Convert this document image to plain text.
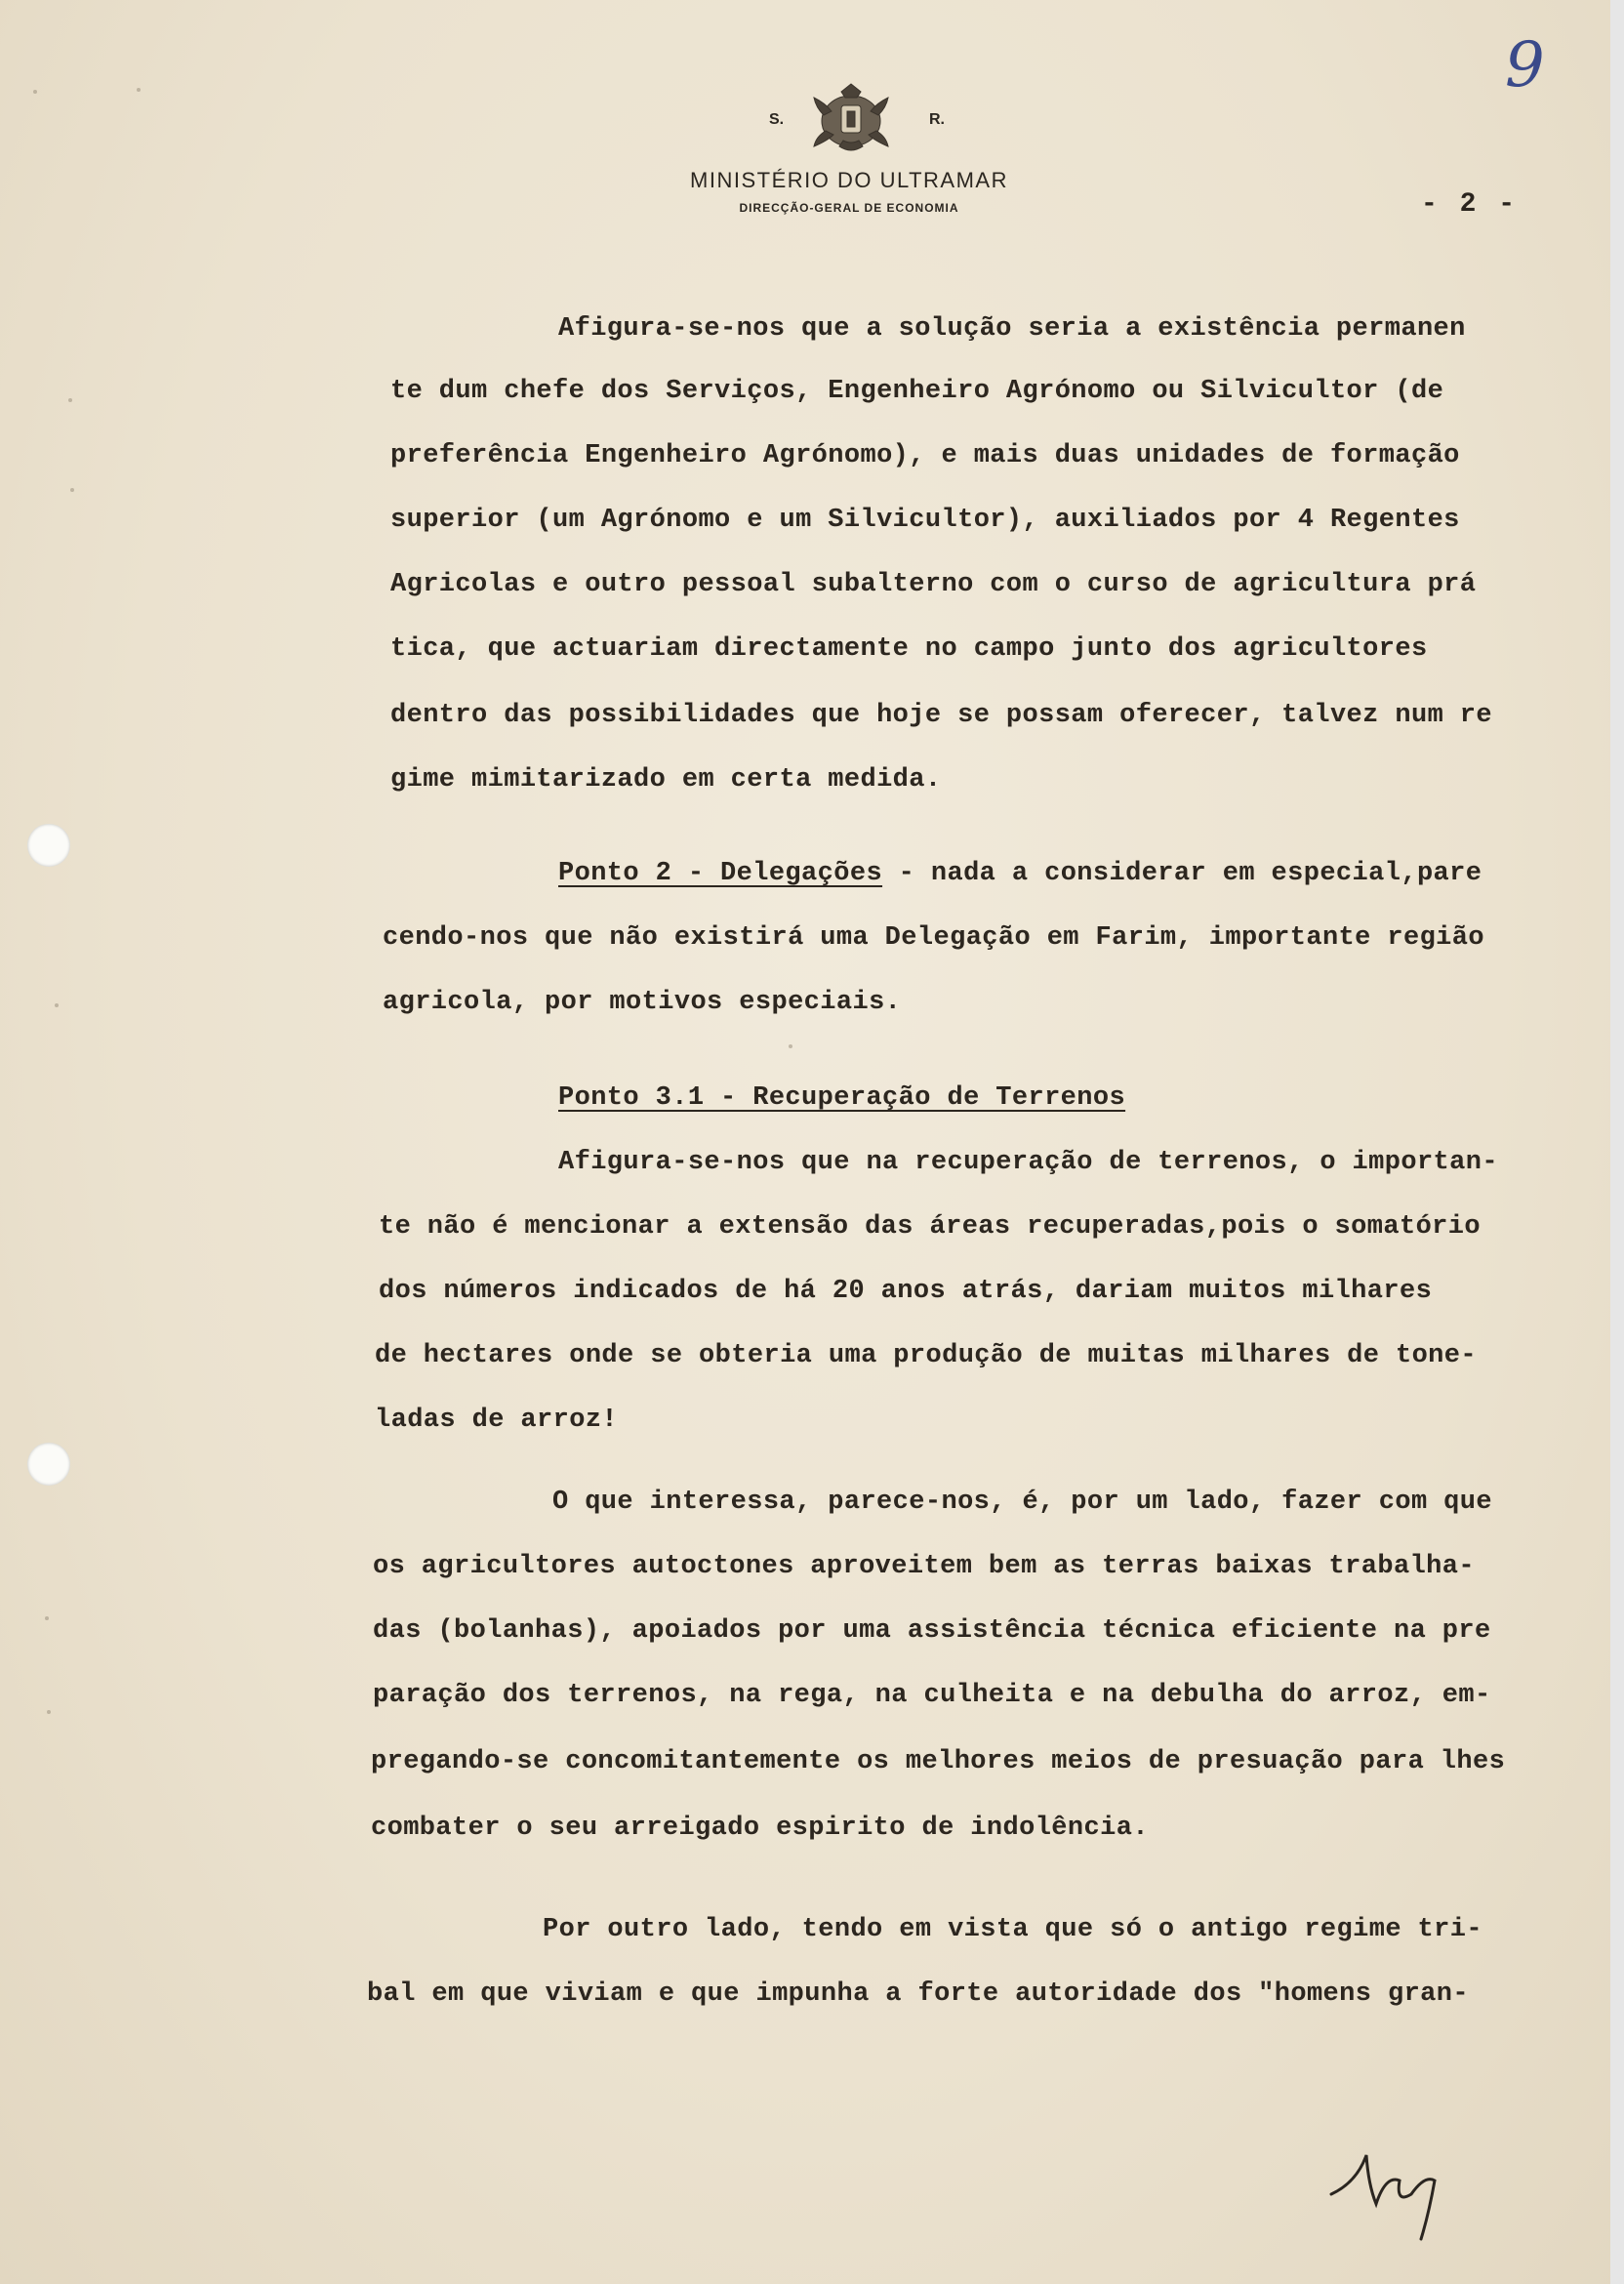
S.	R.
MINISTÉRIO DO ULTRAMAR
DIRECÇÃO-GERAL DE ECONOMIA	- 2 -
9
Afigura-se-nos que a solução seria a existência permanen
te dum chefe dos Serviços, Engenheiro Agrónomo ou Silvicultor (de
preferência Engenheiro Agrónomo), e mais duas unidades de formação
superior (um Agrónomo e um Silvicultor), auxiliados por 4 Regentes
Agricolas e outro pessoal subalterno com o curso de agricultura prá
tica, que actuariam directamente no campo junto dos agricultores
dentro das possibilidades que hoje se possam oferecer, talvez num re
gime mimitarizado em certa medida.
Ponto 2 - Delegações - nada a considerar em especial,pare
cendo-nos que não existirá uma Delegação em Farim, importante região
agricola, por motivos especiais.
Ponto 3.1 - Recuperação de Terrenos
Afigura-se-nos que na recuperação de terrenos, o importan-
te não é mencionar a extensão das áreas recuperadas,pois o somatório
dos números indicados de há 20 anos atrás, dariam muitos milhares
de hectares onde se obteria uma produção de muitas milhares de tone-
ladas de arroz!
O que interessa, parece-nos, é, por um lado, fazer com que
os agricultores autoctones aproveitem bem as terras baixas trabalha-
das (bolanhas), apoiados por uma assistência técnica eficiente na pre
paração dos terrenos, na rega, na culheita e na debulha do arroz, em-
pregando-se concomitantemente os melhores meios de presuação para lhes
combater o seu arreigado espirito de indolência.
Por outro lado, tendo em vista que só o antigo regime tri-
bal em que viviam e que impunha a forte autoridade dos "homens gran-
